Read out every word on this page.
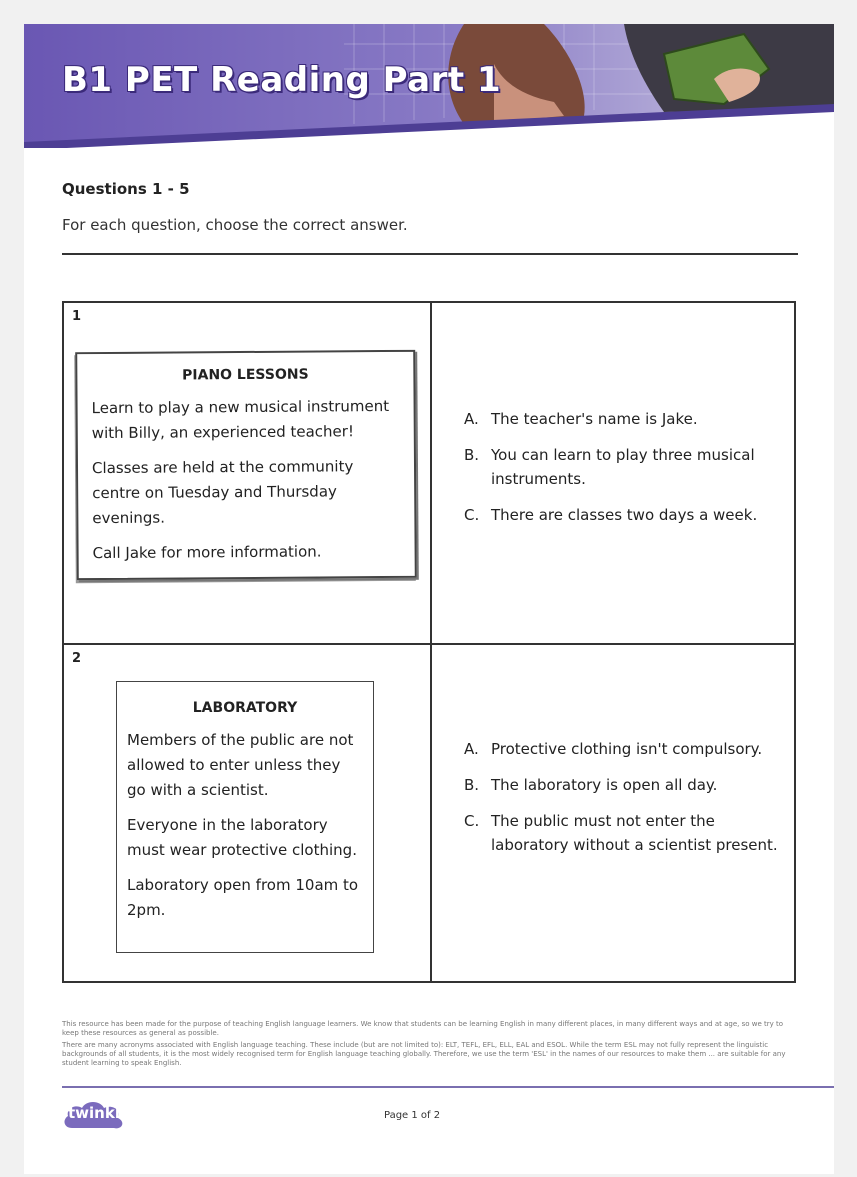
B1 PET Reading Part 1
Questions 1 - 5
For each question, choose the correct answer.
1
PIANO LESSONS

Learn to play a new musical instrument with Billy, an experienced teacher!

Classes are held at the community centre on Tuesday and Thursday evenings.

Call Jake for more information.

A. The teacher's name is Jake.
B. You can learn to play three musical instruments.
C. There are classes two days a week.
2
LABORATORY

Members of the public are not allowed to enter unless they go with a scientist.

Everyone in the laboratory must wear protective clothing.

Laboratory open from 10am to 2pm.

A. Protective clothing isn't compulsory.
B. The laboratory is open all day.
C. The public must not enter the laboratory without a scientist present.

This resource has been made for the purpose of teaching English language learners. We know that students can be learning English in many different places, in many different ways and at age, so we try to keep these resources as general as possible.

There are many acronyms associated with English language teaching. These include (but are not limited to): ELT, TEFL, EFL, ELL, EAL and ESOL. While the term ESL may not fully represent the linguistic backgrounds of all students, it is the most widely recognised term for English language teaching globally. Therefore, we use the term 'ESL' in the names of our resources to make them ... are suitable for any student learning to speak English.

twinkl	Page 1 of 2
